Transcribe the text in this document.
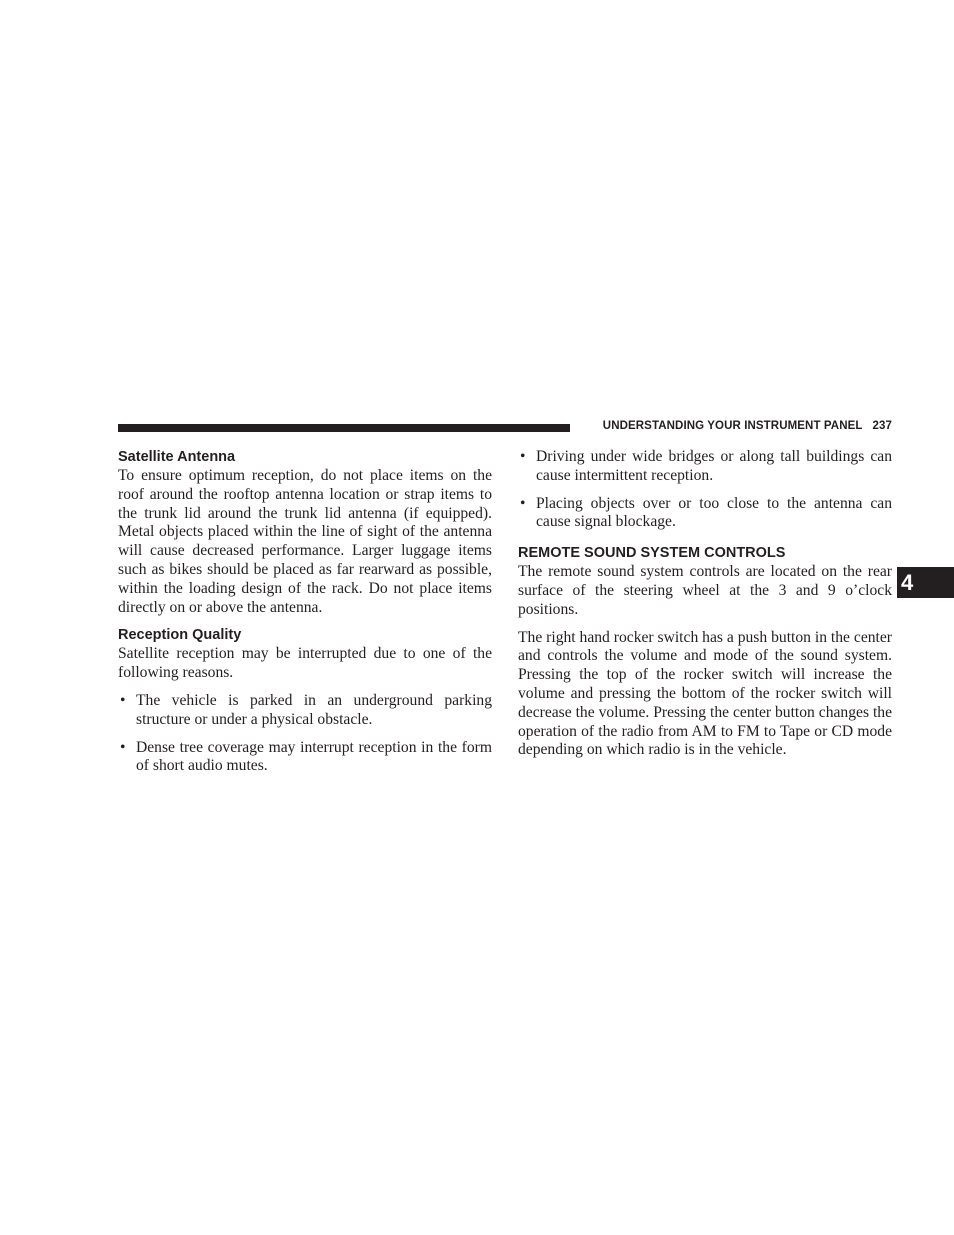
UNDERSTANDING YOUR INSTRUMENT PANEL 237
4
Satellite Antenna

To ensure optimum reception, do not place items on the roof around the rooftop antenna location or strap items to the trunk lid around the trunk lid antenna (if equipped). Metal objects placed within the line of sight of the antenna will cause decreased performance. Larger luggage items such as bikes should be placed as far rearward as possible, within the loading design of the rack. Do not place items directly on or above the antenna.

Reception Quality

Satellite reception may be interrupted due to one of the following reasons.

• The vehicle is parked in an underground parking structure or under a physical obstacle.
• Dense tree coverage may interrupt reception in the form of short audio mutes.
• Driving under wide bridges or along tall buildings can cause intermittent reception.
• Placing objects over or too close to the antenna can cause signal blockage.
REMOTE SOUND SYSTEM CONTROLS

The remote sound system controls are located on the rear surface of the steering wheel at the 3 and 9 o’clock positions.

The right hand rocker switch has a push button in the center and controls the volume and mode of the sound system. Pressing the top of the rocker switch will increase the volume and pressing the bottom of the rocker switch will decrease the volume. Pressing the center button changes the operation of the radio from AM to FM to Tape or CD mode depending on which radio is in the vehicle.
